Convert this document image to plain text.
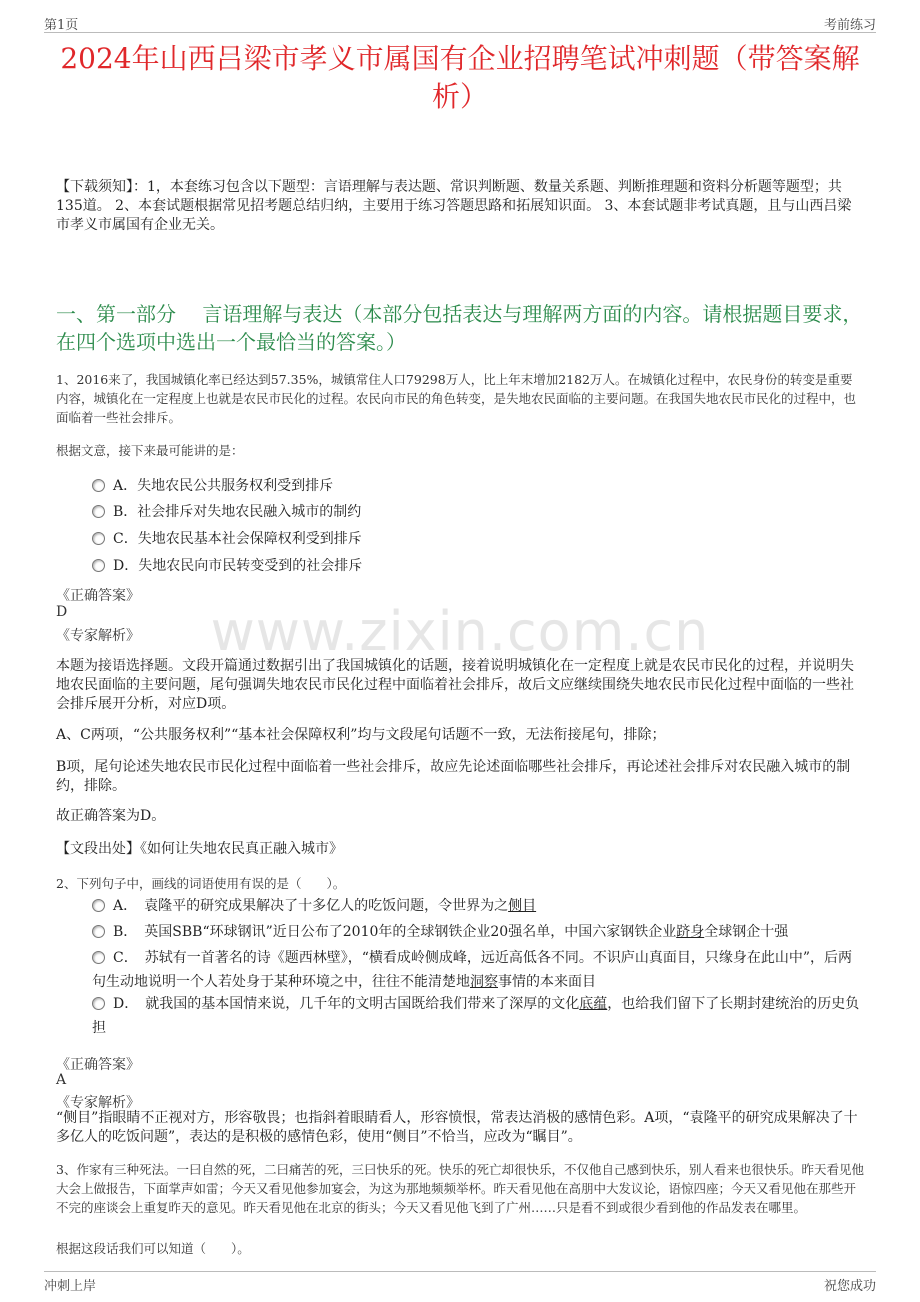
第1页	考前练习
2024年山西吕梁市孝义市属国有企业招聘笔试冲刺题（带答案解析）
【下载须知】：1，本套练习包含以下题型：言语理解与表达题、常识判断题、数量关系题、判断推理题和资料分析题等题型；共135道。 2、本套试题根据常见招考题总结归纳，主要用于练习答题思路和拓展知识面。 3、本套试题非考试真题，且与山西吕梁市孝义市属国有企业无关。
一、第一部分　 言语理解与表达（本部分包括表达与理解两方面的内容。请根据题目要求，在四个选项中选出一个最恰当的答案。）
www.zixin.com.cn
1、2016来了，我国城镇化率已经达到57.35%，城镇常住人口79298万人，比上年末增加2182万人。在城镇化过程中，农民身份的转变是重要内容，城镇化在一定程度上也就是农民市民化的过程。农民向市民的角色转变，是失地农民面临的主要问题。在我国失地农民市民化的过程中，也面临着一些社会排斥。
根据文意，接下来最可能讲的是：
A．失地农民公共服务权利受到排斥
B．社会排斥对失地农民融入城市的制约
C．失地农民基本社会保障权利受到排斥
D．失地农民向市民转变受到的社会排斥
《正确答案》
D
《专家解析》
本题为接语选择题。文段开篇通过数据引出了我国城镇化的话题，接着说明城镇化在一定程度上就是农民市民化的过程，并说明失地农民面临的主要问题，尾句强调失地农民市民化过程中面临着社会排斥，故后文应继续围绕失地农民市民化过程中面临的一些社会排斥展开分析，对应D项。
A、C两项，“公共服务权利”“基本社会保障权利”均与文段尾句话题不一致，无法衔接尾句，排除；
B项，尾句论述失地农民市民化过程中面临着一些社会排斥，故应先论述面临哪些社会排斥，再论述社会排斥对农民融入城市的制约，排除。
故正确答案为D。
【文段出处】《如何让失地农民真正融入城市》
2、下列句子中，画线的词语使用有误的是（　　）。
A．　袁隆平的研究成果解决了十多亿人的吃饭问题，令世界为之侧目
B．　英国SBB“环球钢讯”近日公布了2010年的全球钢铁企业20强名单，中国六家钢铁企业跻身全球钢企十强
C．　苏轼有一首著名的诗《题西林壁》，“横看成岭侧成峰，远近高低各不同。不识庐山真面目，只缘身在此山中”，后两句生动地说明一个人若处身于某种环境之中，往往不能清楚地洞察事情的本来面目
D．　就我国的基本国情来说，几千年的文明古国既给我们带来了深厚的文化底蕴，也给我们留下了长期封建统治的历史负担
《正确答案》
A
《专家解析》
“侧目”指眼睛不正视对方，形容敬畏；也指斜着眼睛看人，形容愤恨，常表达消极的感情色彩。A项，“袁隆平的研究成果解决了十多亿人的吃饭问题”，表达的是积极的感情色彩，使用“侧目”不恰当，应改为“瞩目”。
3、作家有三种死法。一曰自然的死，二曰痛苦的死，三曰快乐的死。快乐的死亡却很快乐，不仅他自己感到快乐，别人看来也很快乐。昨天看见他大会上做报告，下面掌声如雷；今天又看见他参加宴会，为这为那地频频举杯。昨天看见他在高朋中大发议论，语惊四座；今天又看见他在那些开不完的座谈会上重复昨天的意见。昨天看见他在北京的街头；今天又看见他飞到了广州……只是看不到或很少看到他的作品发表在哪里。
根据这段话我们可以知道（　　）。
冲刺上岸	祝您成功
